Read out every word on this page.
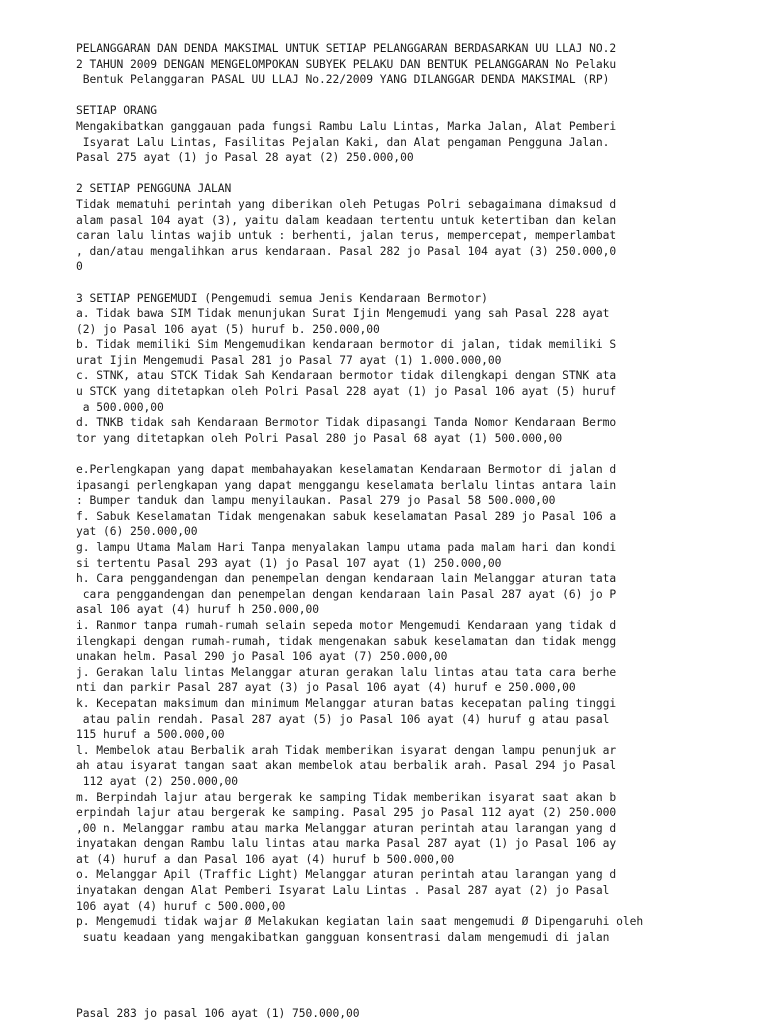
PELANGGARAN DAN DENDA MAKSIMAL UNTUK SETIAP PELANGGARAN BERDASARKAN UU LLAJ NO.2
2 TAHUN 2009 DENGAN MENGELOMPOKAN SUBYEK PELAKU DAN BENTUK PELANGGARAN No Pelaku
Bentuk Pelanggaran PASAL UU LLAJ No.22/2009 YANG DILANGGAR DENDA MAKSIMAL (RP)
SETIAP ORANG
Mengakibatkan ganggauan pada fungsi Rambu Lalu Lintas, Marka Jalan, Alat Pemberi
Isyarat Lalu Lintas, Fasilitas Pejalan Kaki, dan Alat pengaman Pengguna Jalan.
Pasal 275 ayat (1) jo Pasal 28 ayat (2) 250.000,00
2 SETIAP PENGGUNA JALAN
Tidak mematuhi perintah yang diberikan oleh Petugas Polri sebagaimana dimaksud d
alam pasal 104 ayat (3), yaitu dalam keadaan tertentu untuk ketertiban dan kelan
caran lalu lintas wajib untuk : berhenti, jalan terus, mempercepat, memperlambat
, dan/atau mengalihkan arus kendaraan. Pasal 282 jo Pasal 104 ayat (3) 250.000,0
0
3 SETIAP PENGEMUDI (Pengemudi semua Jenis Kendaraan Bermotor)
a. Tidak bawa SIM Tidak menunjukan Surat Ijin Mengemudi yang sah Pasal 228 ayat
(2) jo Pasal 106 ayat (5) huruf b. 250.000,00
b. Tidak memiliki Sim Mengemudikan kendaraan bermotor di jalan, tidak memiliki S
urat Ijin Mengemudi Pasal 281 jo Pasal 77 ayat (1) 1.000.000,00
c. STNK, atau STCK Tidak Sah Kendaraan bermotor tidak dilengkapi dengan STNK ata
u STCK yang ditetapkan oleh Polri Pasal 228 ayat (1) jo Pasal 106 ayat (5) huruf
a 500.000,00
d. TNKB tidak sah Kendaraan Bermotor Tidak dipasangi Tanda Nomor Kendaraan Bermo
tor yang ditetapkan oleh Polri Pasal 280 jo Pasal 68 ayat (1) 500.000,00
e.Perlengkapan yang dapat membahayakan keselamatan Kendaraan Bermotor di jalan d
ipasangi perlengkapan yang dapat menggangu keselamata berlalu lintas antara lain
: Bumper tanduk dan lampu menyilaukan. Pasal 279 jo Pasal 58 500.000,00
f. Sabuk Keselamatan Tidak mengenakan sabuk keselamatan Pasal 289 jo Pasal 106 a
yat (6) 250.000,00
g. lampu Utama Malam Hari Tanpa menyalakan lampu utama pada malam hari dan kondi
si tertentu Pasal 293 ayat (1) jo Pasal 107 ayat (1) 250.000,00
h. Cara penggandengan dan penempelan dengan kendaraan lain Melanggar aturan tata
cara penggandengan dan penempelan dengan kendaraan lain Pasal 287 ayat (6) jo P
asal 106 ayat (4) huruf h 250.000,00
i. Ranmor tanpa rumah-rumah selain sepeda motor Mengemudi Kendaraan yang tidak d
ilengkapi dengan rumah-rumah, tidak mengenakan sabuk keselamatan dan tidak mengg
unakan helm. Pasal 290 jo Pasal 106 ayat (7) 250.000,00
j. Gerakan lalu lintas Melanggar aturan gerakan lalu lintas atau tata cara berhe
nti dan parkir Pasal 287 ayat (3) jo Pasal 106 ayat (4) huruf e 250.000,00
k. Kecepatan maksimum dan minimum Melanggar aturan batas kecepatan paling tinggi
atau palin rendah. Pasal 287 ayat (5) jo Pasal 106 ayat (4) huruf g atau pasal
115 huruf a 500.000,00
l. Membelok atau Berbalik arah Tidak memberikan isyarat dengan lampu penunjuk ar
ah atau isyarat tangan saat akan membelok atau berbalik arah. Pasal 294 jo Pasal
112 ayat (2) 250.000,00
m. Berpindah lajur atau bergerak ke samping Tidak memberikan isyarat saat akan b
erpindah lajur atau bergerak ke samping. Pasal 295 jo Pasal 112 ayat (2) 250.000
,00 n. Melanggar rambu atau marka Melanggar aturan perintah atau larangan yang d
inyatakan dengan Rambu lalu lintas atau marka Pasal 287 ayat (1) jo Pasal 106 ay
at (4) huruf a dan Pasal 106 ayat (4) huruf b 500.000,00
o. Melanggar Apil (Traffic Light) Melanggar aturan perintah atau larangan yang d
inyatakan dengan Alat Pemberi Isyarat Lalu Lintas . Pasal 287 ayat (2) jo Pasal
106 ayat (4) huruf c 500.000,00
p. Mengemudi tidak wajar Ø Melakukan kegiatan lain saat mengemudi Ø Dipengaruhi oleh
suatu keadaan yang mengakibatkan gangguan konsentrasi dalam mengemudi di jalan
Pasal 283 jo pasal 106 ayat (1) 750.000,00
